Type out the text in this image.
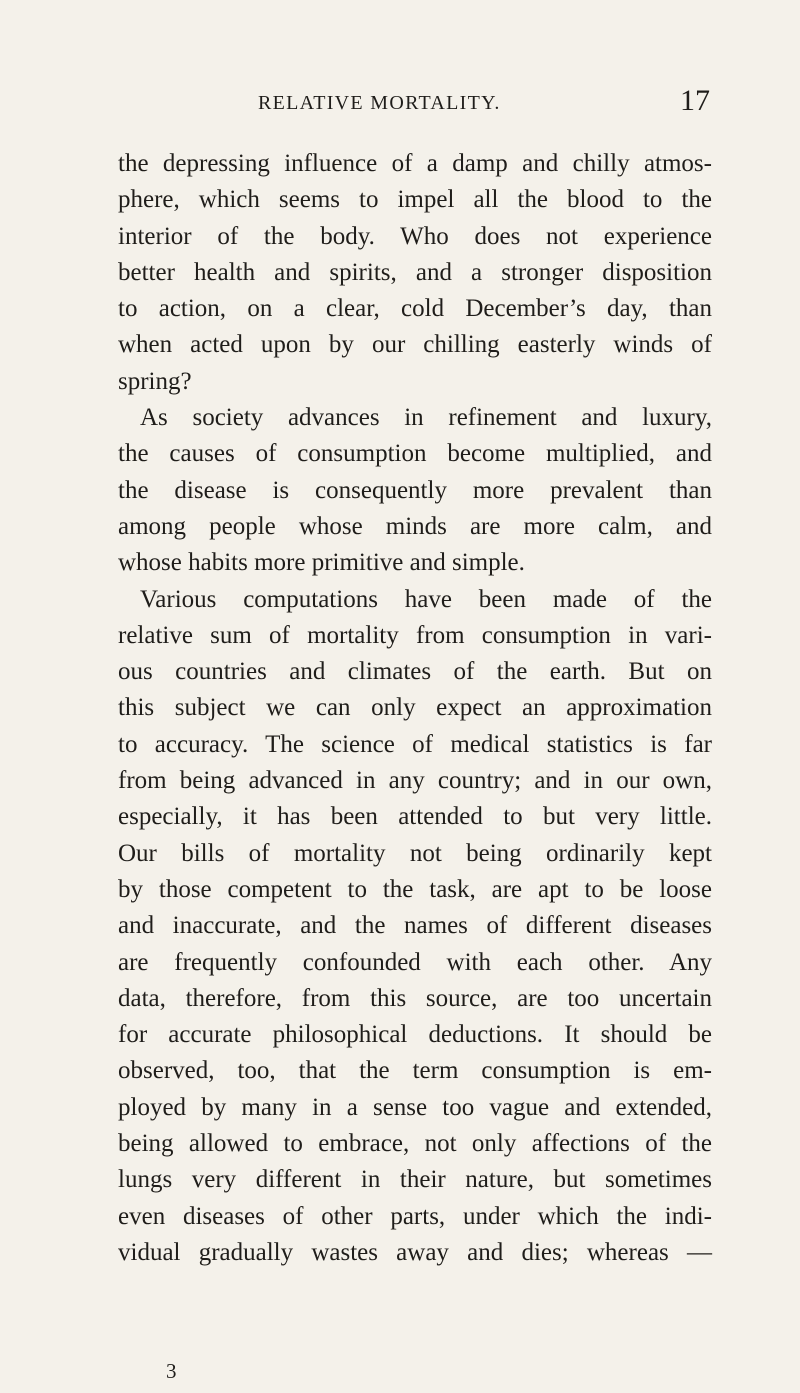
RELATIVE MORTALITY.	17
the depressing influence of a damp and chilly atmos-
phere, which seems to impel all the blood to the
interior of the body. Who does not experience
better health and spirits, and a stronger disposition
to action, on a clear, cold December’s day, than
when acted upon by our chilling easterly winds of
spring?
As society advances in refinement and luxury,
the causes of consumption become multiplied, and
the disease is consequently more prevalent than
among people whose minds are more calm, and
whose habits more primitive and simple.
Various computations have been made of the
relative sum of mortality from consumption in vari-
ous countries and climates of the earth. But on
this subject we can only expect an approximation
to accuracy. The science of medical statistics is far
from being advanced in any country; and in our own,
especially, it has been attended to but very little.
Our bills of mortality not being ordinarily kept
by those competent to the task, are apt to be loose
and inaccurate, and the names of different diseases
are frequently confounded with each other. Any
data, therefore, from this source, are too uncertain
for accurate philosophical deductions. It should be
observed, too, that the term consumption is em-
ployed by many in a sense too vague and extended,
being allowed to embrace, not only affections of the
lungs very different in their nature, but sometimes
even diseases of other parts, under which the indi-
vidual gradually wastes away and dies; whereas —
3
